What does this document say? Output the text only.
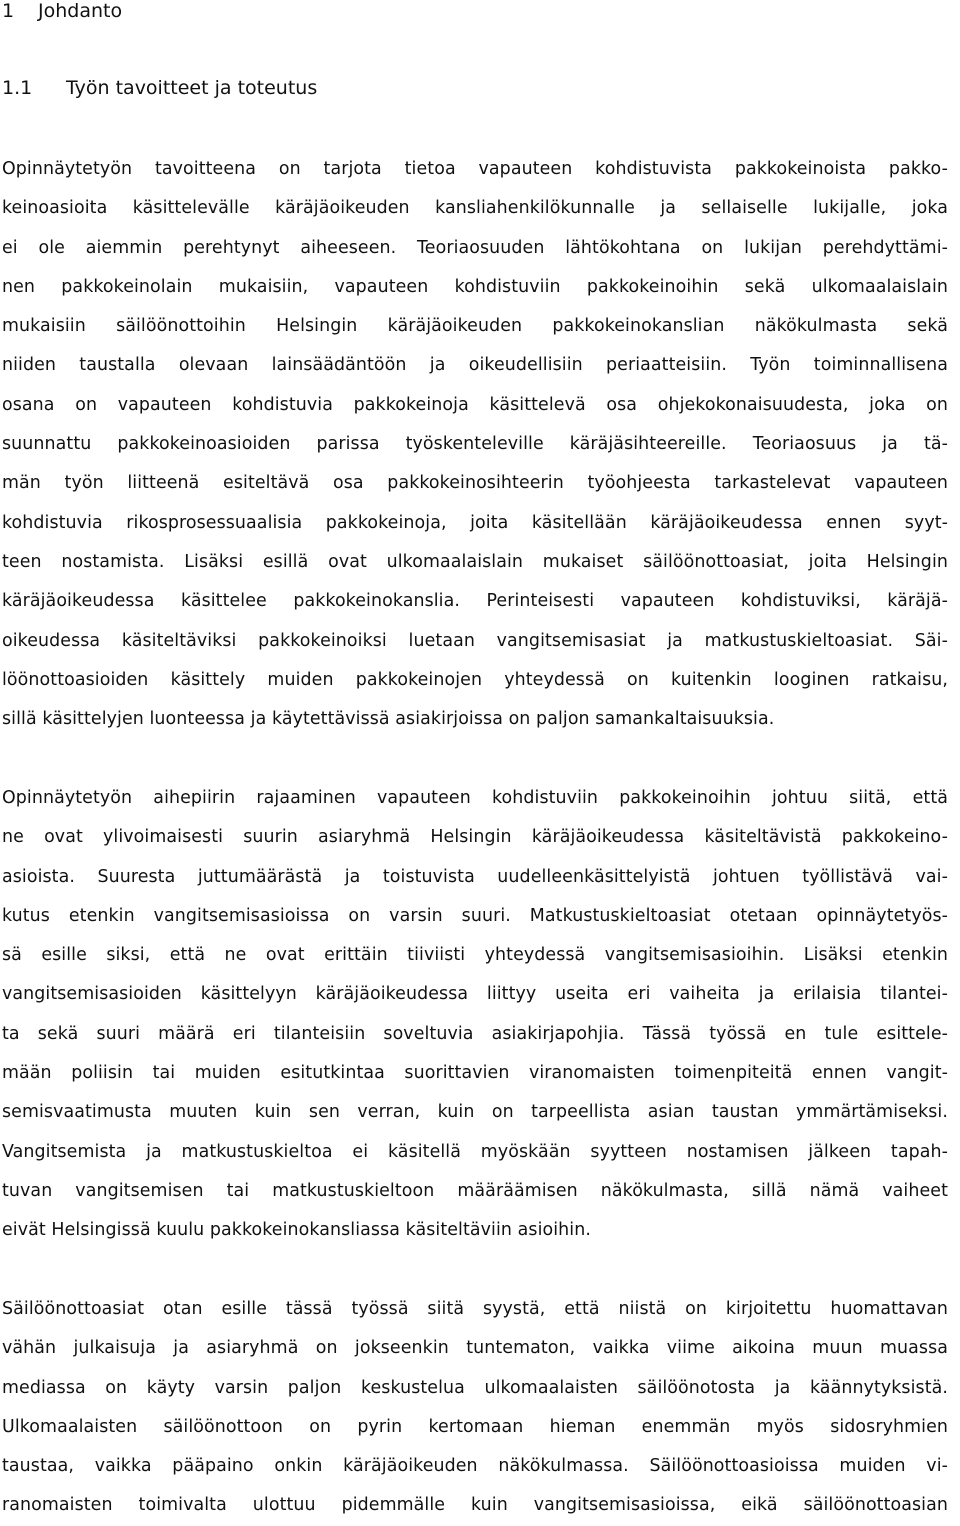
1 Johdanto
1.1 Työn tavoitteet ja toteutus

Opinnäytetyön tavoitteena on tarjota tietoa vapauteen kohdistuvista pakkokeinoista pakko-
keinoasioita käsittelevälle käräjäoikeuden kansliahenkilökunnalle ja sellaiselle lukijalle, joka
ei ole aiemmin perehtynyt aiheeseen. Teoriaosuuden lähtökohtana on lukijan perehdyttämi-
nen pakkokeinolain mukaisiin, vapauteen kohdistuviin pakkokeinoihin sekä ulkomaalaislain
mukaisiin säilöönottoihin Helsingin käräjäoikeuden pakkokeinokanslian näkökulmasta sekä
niiden taustalla olevaan lainsäädäntöön ja oikeudellisiin periaatteisiin. Työn toiminnallisena
osana on vapauteen kohdistuvia pakkokeinoja käsittelevä osa ohjekokonaisuudesta, joka on
suunnattu pakkokeinoasioiden parissa työskenteleville käräjäsihteereille. Teoriaosuus ja tä-
män työn liitteenä esiteltävä osa pakkokeinosihteerin työohjeesta tarkastelevat vapauteen
kohdistuvia rikosprosessuaalisia pakkokeinoja, joita käsitellään käräjäoikeudessa ennen syyt-
teen nostamista. Lisäksi esillä ovat ulkomaalaislain mukaiset säilöönottoasiat, joita Helsingin
käräjäoikeudessa käsittelee pakkokeinokanslia. Perinteisesti vapauteen kohdistuviksi, käräjä-
oikeudessa käsiteltäviksi pakkokeinoiksi luetaan vangitsemisasiat ja matkustuskieltoasiat. Säi-
löönottoasioiden käsittely muiden pakkokeinojen yhteydessä on kuitenkin looginen ratkaisu,
sillä käsittelyjen luonteessa ja käytettävissä asiakirjoissa on paljon samankaltaisuuksia.

Opinnäytetyön aihepiirin rajaaminen vapauteen kohdistuviin pakkokeinoihin johtuu siitä, että
ne ovat ylivoimaisesti suurin asiaryhmä Helsingin käräjäoikeudessa käsiteltävistä pakkokeino-
asioista. Suuresta juttumäärästä ja toistuvista uudelleenkäsittelyistä johtuen työllistävä vai-
kutus etenkin vangitsemisasioissa on varsin suuri. Matkustuskieltoasiat otetaan opinnäytetyös-
sä esille siksi, että ne ovat erittäin tiiviisti yhteydessä vangitsemisasioihin. Lisäksi etenkin
vangitsemisasioiden käsittelyyn käräjäoikeudessa liittyy useita eri vaiheita ja erilaisia tilantei-
ta sekä suuri määrä eri tilanteisiin soveltuvia asiakirjapohjia. Tässä työssä en tule esittele-
mään poliisin tai muiden esitutkintaa suorittavien viranomaisten toimenpiteitä ennen vangit-
semisvaatimusta muuten kuin sen verran, kuin on tarpeellista asian taustan ymmärtämiseksi.
Vangitsemista ja matkustuskieltoa ei käsitellä myöskään syytteen nostamisen jälkeen tapah-
tuvan vangitsemisen tai matkustuskieltoon määräämisen näkökulmasta, sillä nämä vaiheet
eivät Helsingissä kuulu pakkokeinokansliassa käsiteltäviin asioihin.

Säilöönottoasiat otan esille tässä työssä siitä syystä, että niistä on kirjoitettu huomattavan
vähän julkaisuja ja asiaryhmä on jokseenkin tuntematon, vaikka viime aikoina muun muassa
mediassa on käyty varsin paljon keskustelua ulkomaalaisten säilöönotosta ja käännytyksistä.
Ulkomaalaisten säilöönottoon on pyrin kertomaan hieman enemmän myös sidosryhmien
taustaa, vaikka pääpaino onkin käräjäoikeuden näkökulmassa. Säilöönottoasioissa muiden vi-
ranomaisten toimivalta ulottuu pidemmälle kuin vangitsemisasioissa, eikä säilöönottoasian
